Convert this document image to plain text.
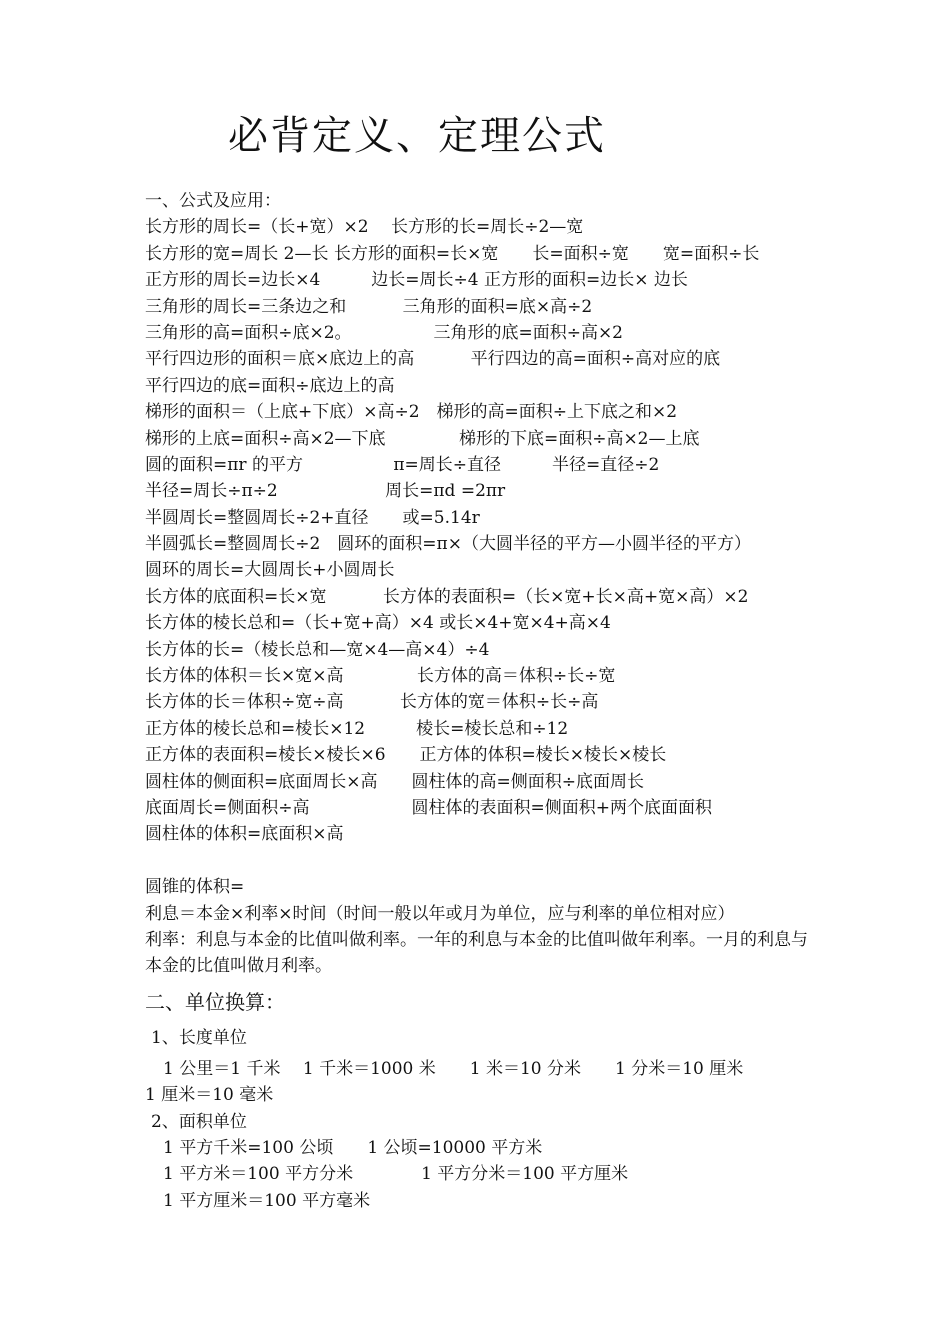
必背定义、定理公式
一、公式及应用：
长方形的周长=（长+宽）×2　 长方形的长=周长÷2—宽
长方形的宽=周长 2—长 长方形的面积=长×宽　　长=面积÷宽　　宽=面积÷长
正方形的周长=边长×4　　　边长=周长÷4 正方形的面积=边长× 边长
三角形的周长=三条边之和　　　 三角形的面积=底×高÷2
三角形的高=面积÷底×2。　　　　　 三角形的底=面积÷高×2
平行四边形的面积＝底×底边上的高　　　 平行四边的高=面积÷高对应的底
平行四边的底=面积÷底边上的高
梯形的面积＝（上底+下底）×高÷2　梯形的高=面积÷上下底之和×2
梯形的上底=面积÷高×2—下底　　　　 梯形的下底=面积÷高×2—上底
圆的面积=πr 的平方　　　　　 π=周长÷直径　　　半径=直径÷2
半径=周长÷π÷2　　　　　　 周长=πd =2πr
半圆周长=整圆周长÷2+直径　　或=5.14r
半圆弧长=整圆周长÷2　圆环的面积=π×（大圆半径的平方—小圆半径的平方）
圆环的周长=大圆周长+小圆周长
长方体的底面积=长×宽　　　 长方体的表面积=（长×宽+长×高+宽×高）×2
长方体的棱长总和=（长+宽+高）×4 或长×4+宽×4+高×4
长方体的长=（棱长总和—宽×4—高×4）÷4
长方体的体积＝长×宽×高　　　　 长方体的高＝体积÷长÷宽
长方体的长＝体积÷宽÷高　　　 长方体的宽＝体积÷长÷高
正方体的棱长总和=棱长×12　　　棱长=棱长总和÷12
正方体的表面积=棱长×棱长×6　　正方体的体积=棱长×棱长×棱长
圆柱体的侧面积=底面周长×高　　圆柱体的高=侧面积÷底面周长
底面周长=侧面积÷高　　　　　　圆柱体的表面积=侧面积+两个底面面积
圆柱体的体积=底面积×高
圆锥的体积=
利息＝本金×利率×时间（时间一般以年或月为单位，应与利率的单位相对应）
利率：利息与本金的比值叫做利率。一年的利息与本金的比值叫做年利率。一月的利息与本金的比值叫做月利率。
二、单位换算：
1、长度单位
1 公里＝1 千米　 1 千米＝1000 米　　1 米＝10 分米　　1 分米＝10 厘米
1 厘米＝10 毫米
2、面积单位
1 平方千米=100 公顷　　1 公顷=10000 平方米
1 平方米＝100 平方分米　　　　1 平方分米＝100 平方厘米
1 平方厘米＝100 平方毫米
